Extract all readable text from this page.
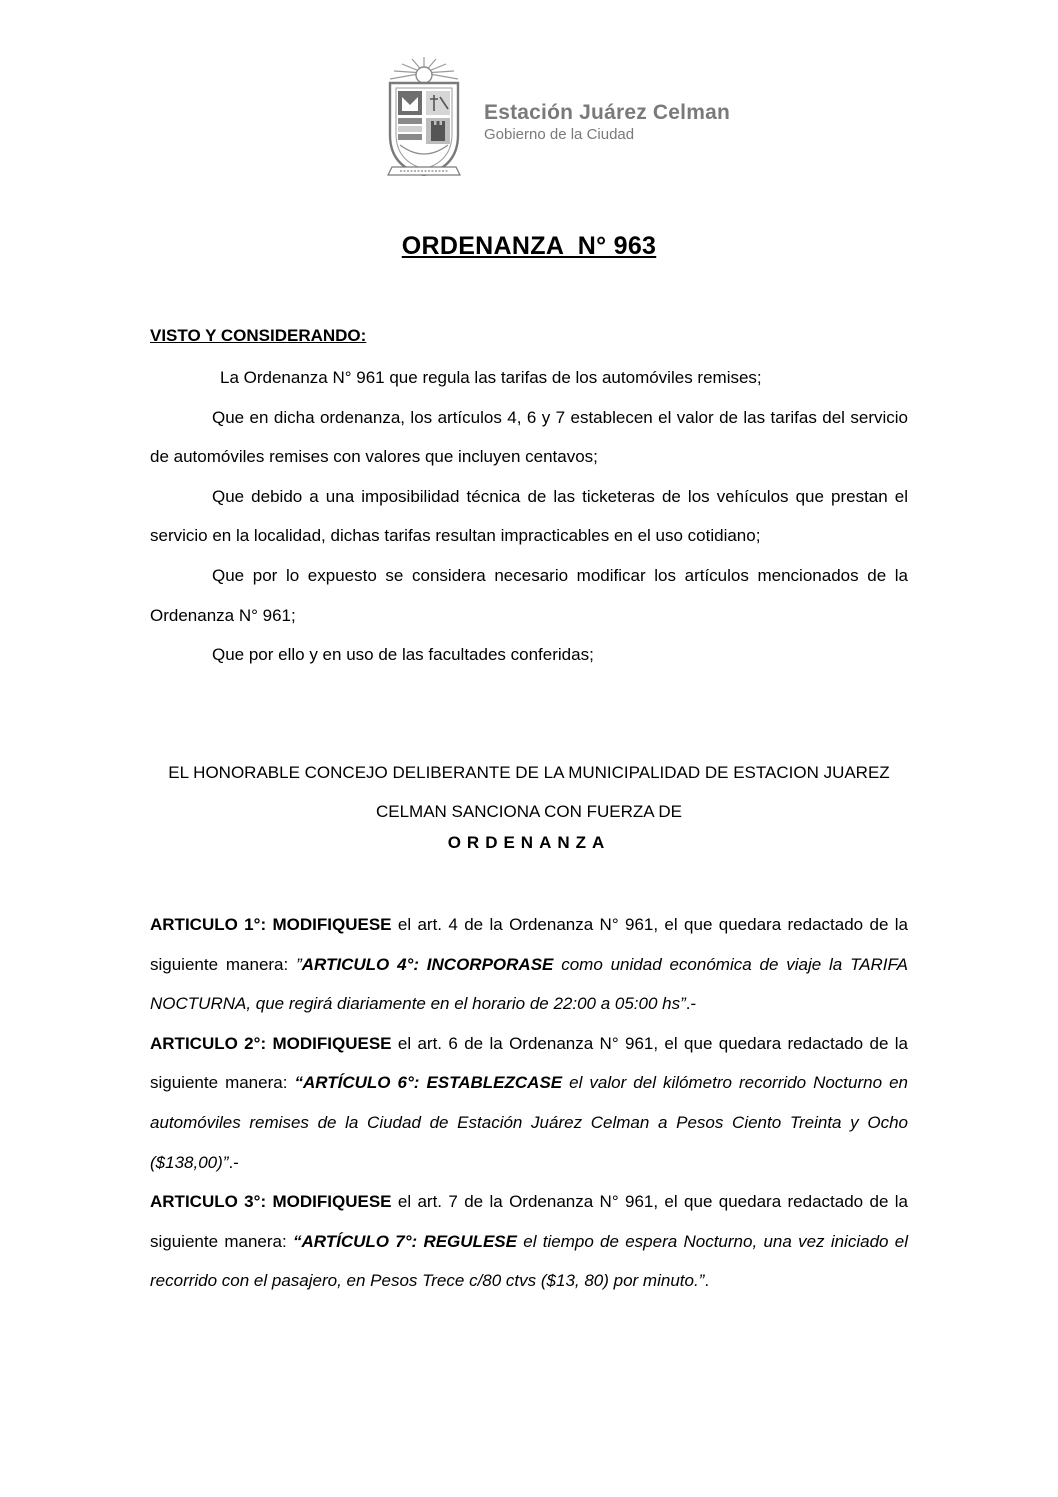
Estación Juárez Celman
Gobierno de la Ciudad
ORDENANZA  N° 963
VISTO Y CONSIDERANDO:

La Ordenanza N° 961 que regula las tarifas de los automóviles remises;

Que en dicha ordenanza, los artículos 4, 6 y 7 establecen el valor de las tarifas del servicio de automóviles remises con valores que incluyen centavos;

Que debido a una imposibilidad técnica de las ticketeras de los vehículos que prestan el servicio en la localidad, dichas tarifas resultan impracticables en el uso cotidiano;

Que por lo expuesto se considera necesario modificar los artículos mencionados de la Ordenanza N° 961;

Que por ello y en uso de las facultades conferidas;

EL HONORABLE CONCEJO DELIBERANTE DE LA MUNICIPALIDAD DE ESTACION JUAREZ
CELMAN SANCIONA CON FUERZA DE
ORDENANZA

ARTICULO 1°: MODIFIQUESE el art. 4 de la Ordenanza N° 961, el que quedara redactado de la siguiente manera: ”ARTICULO 4°: INCORPORASE como unidad económica de viaje la TARIFA NOCTURNA, que regirá diariamente en el horario de 22:00 a 05:00 hs”.-

ARTICULO 2°: MODIFIQUESE el art. 6 de la Ordenanza N° 961, el que quedara redactado de la siguiente manera: “ARTÍCULO 6°: ESTABLEZCASE el valor del kilómetro recorrido Nocturno en automóviles remises de la Ciudad de Estación Juárez Celman a Pesos Ciento Treinta y Ocho ($138,00)”.-

ARTICULO 3°: MODIFIQUESE el art. 7 de la Ordenanza N° 961, el que quedara redactado de la siguiente manera: “ARTÍCULO 7°: REGULESE el tiempo de espera Nocturno, una vez iniciado el recorrido con el pasajero, en Pesos Trece c/80 ctvs ($13, 80) por minuto.”.
